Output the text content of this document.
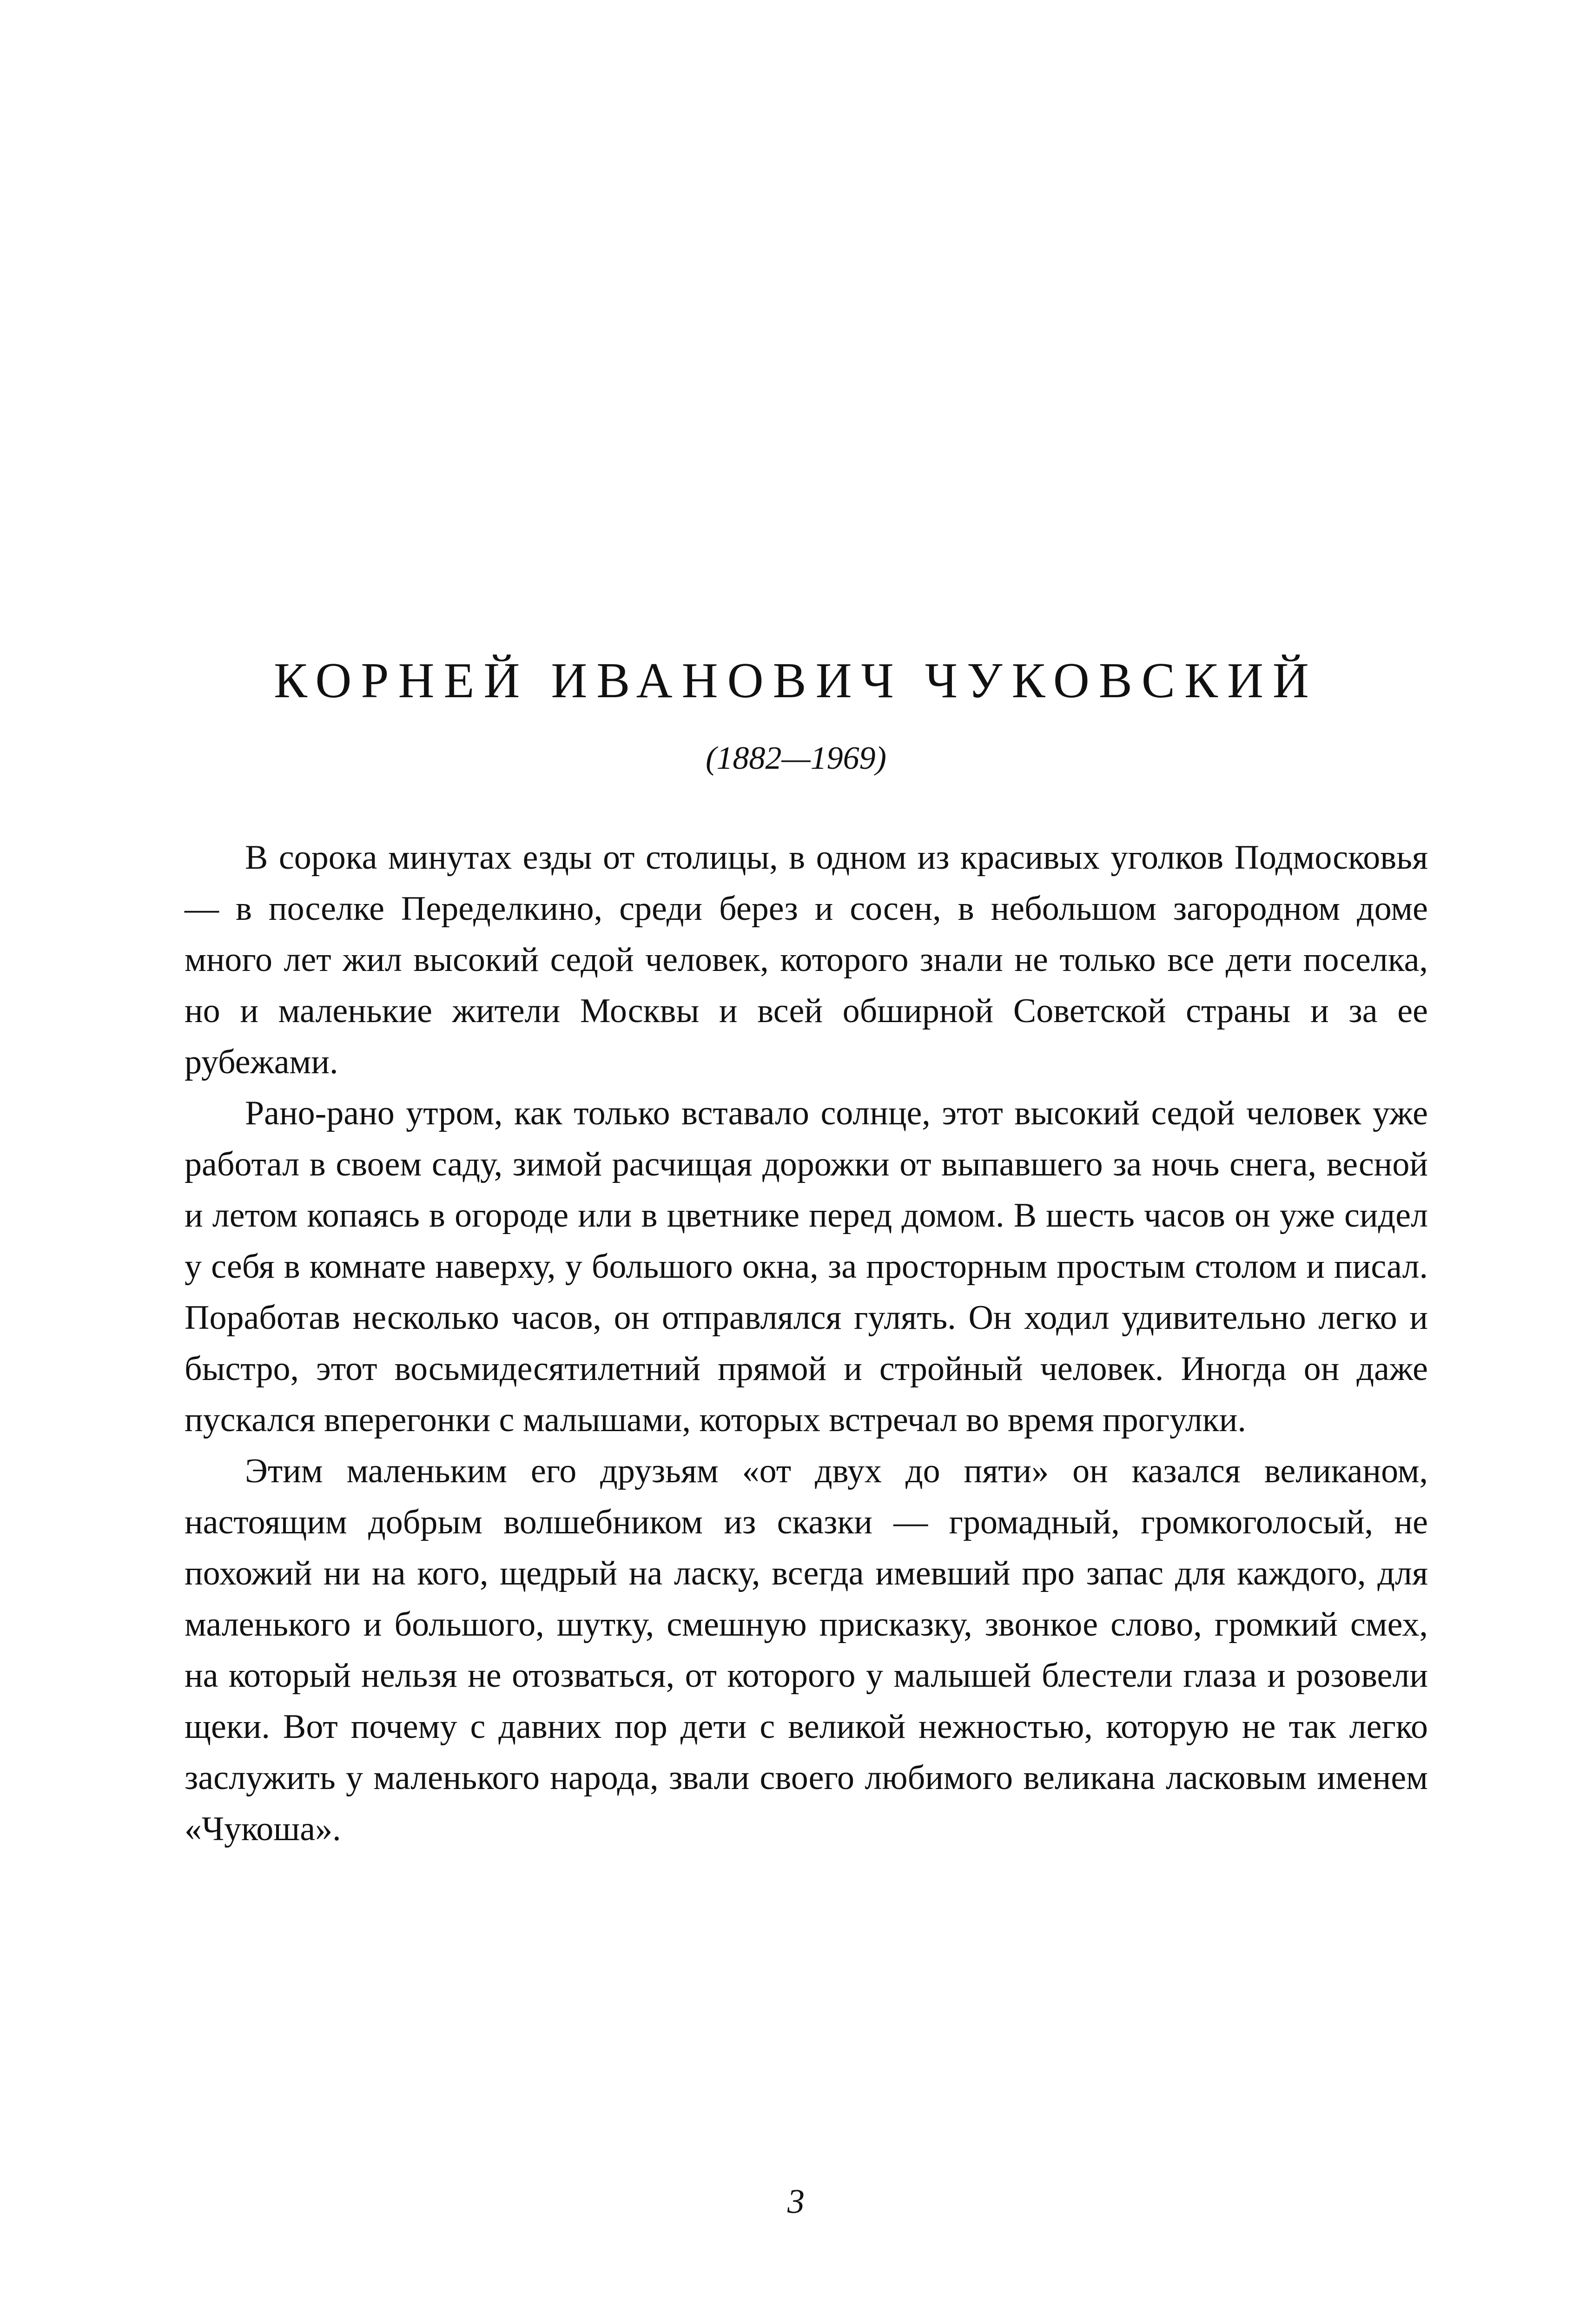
КОРНЕЙ ИВАНОВИЧ ЧУКОВСКИЙ
(1882—1969)

В сорока минутах езды от столицы, в одном из красивых уголков Подмосковья — в поселке Переделкино, среди берез и сосен, в небольшом загородном доме много лет жил высокий седой человек, которого знали не только все дети поселка, но и маленькие жители Москвы и всей обширной Советской страны и за ее рубежами.

Рано-рано утром, как только вставало солнце, этот высокий седой человек уже работал в своем саду, зимой расчищая дорожки от выпавшего за ночь снега, весной и летом копаясь в огороде или в цветнике перед домом. В шесть часов он уже сидел у себя в комнате наверху, у большого окна, за просторным простым столом и писал. Поработав несколько часов, он отправлялся гулять. Он ходил удивительно легко и быстро, этот восьмидесятилетний прямой и стройный человек. Иногда он даже пускался вперегонки с малышами, которых встречал во время прогулки.

Этим маленьким его друзьям «от двух до пяти» он казался великаном, настоящим добрым волшебником из сказки — громадный, громкоголосый, не похожий ни на кого, щедрый на ласку, всегда имевший про запас для каждого, для маленького и большого, шутку, смешную присказку, звонкое слово, громкий смех, на который нельзя не отозваться, от которого у малышей блестели глаза и розовели щеки. Вот почему с давних пор дети с великой нежностью, которую не так легко заслужить у маленького народа, звали своего любимого великана ласковым именем «Чукоша».

3
